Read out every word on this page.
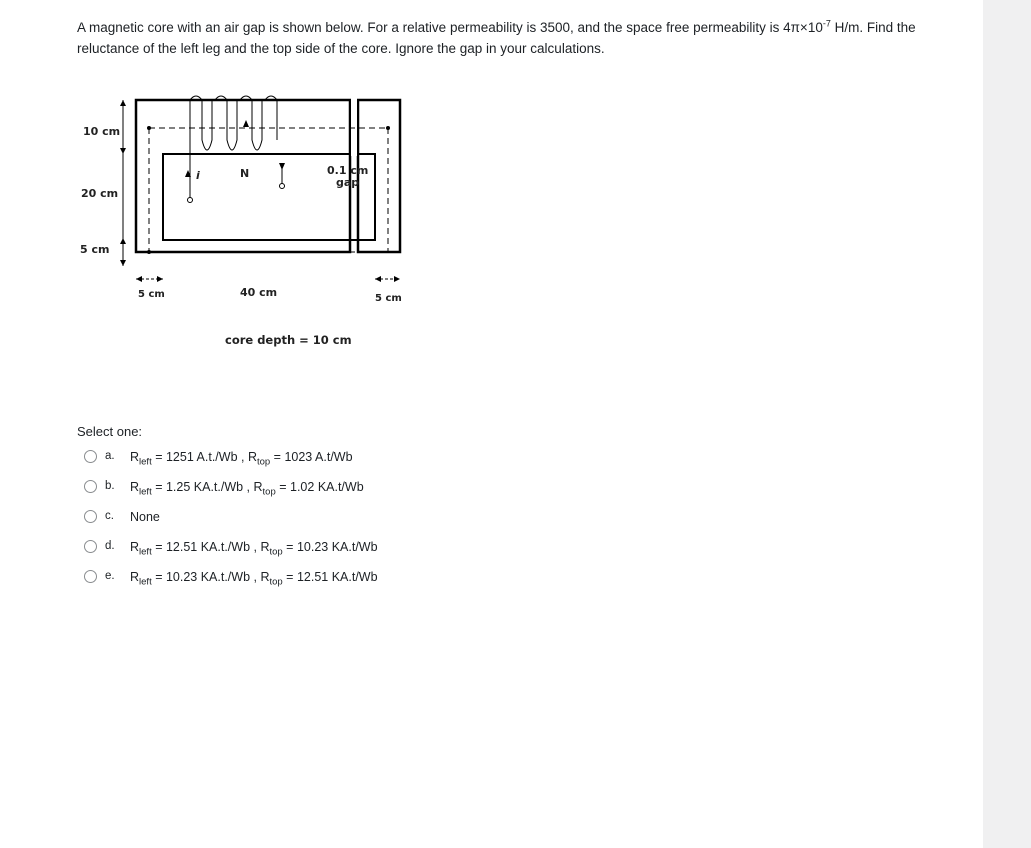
A magnetic core with an air gap is shown below. For a relative permeability is 3500, and the space free permeability is $4\pi\times 10^{-7}$ H/m. Find the reluctance of the left leg and the top side of the core. Ignore the gap in your calculations.
10 cm
20 cm
5 cm
5 cm	40 cm	5 cm
0.1 cm
gap
N
i
core depth = 10 cm
Select one:
a.	$R_{left} = 1251$ A.t./Wb , $R_{top} = 1023$ A.t/Wb
b.	$R_{left} = 1.25$ KA.t./Wb , $R_{top} = 1.02$ KA.t/Wb
c.	None
d.	$R_{left} = 12.51$ KA.t./Wb , $R_{top} = 10.23$ KA.t/Wb
e.	$R_{left} = 10.23$ KA.t./Wb , $R_{top} = 12.51$ KA.t/Wb
